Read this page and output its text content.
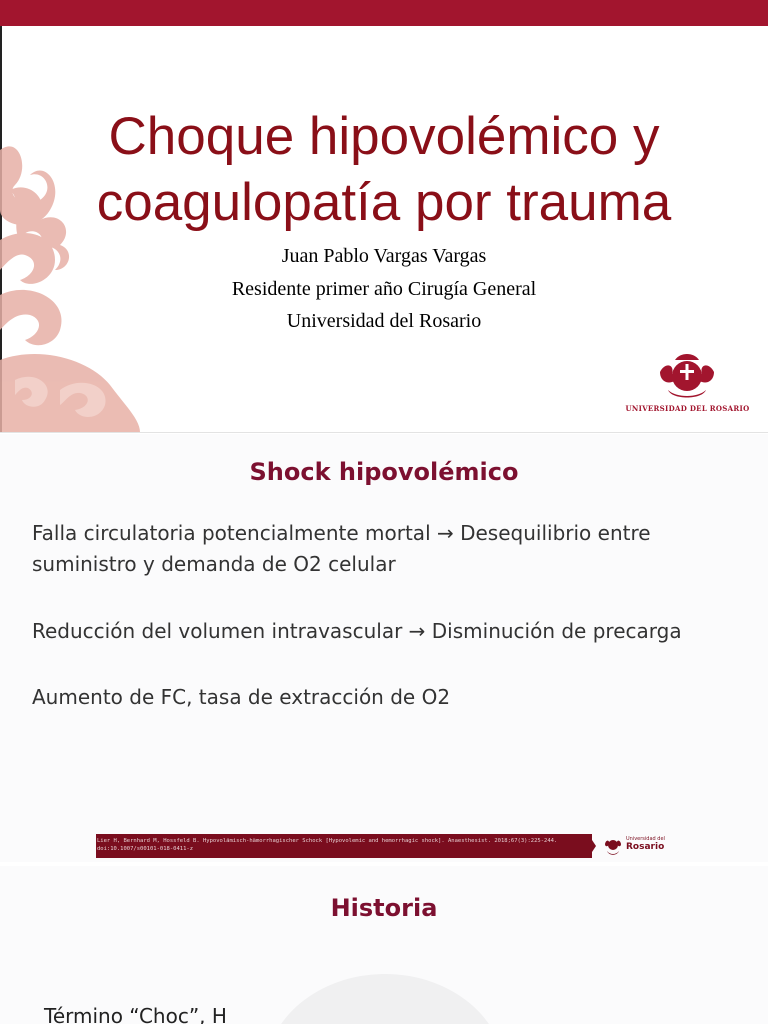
Choque hipovolémico y
coagulopatía por trauma
Juan Pablo Vargas Vargas
Residente primer año Cirugía General
Universidad del Rosario
UNIVERSIDAD DEL ROSARIO
Shock hipovolémico
Falla circulatoria potencialmente mortal → Desequilibrio entre
suministro y demanda de O2 celular
Reducción del volumen intravascular → Disminución de precarga
Aumento de FC, tasa de extracción de O2
Lier H, Bernhard M, Hossfeld B. Hypovolämisch-hämorrhagischer Schock [Hypovolemic and hemorrhagic shock]. Anaesthesist. 2018;67(3):225-244.
doi:10.1007/s00101-018-0411-z
Universidad del
Rosario
Historia
Término “Choc”, H
